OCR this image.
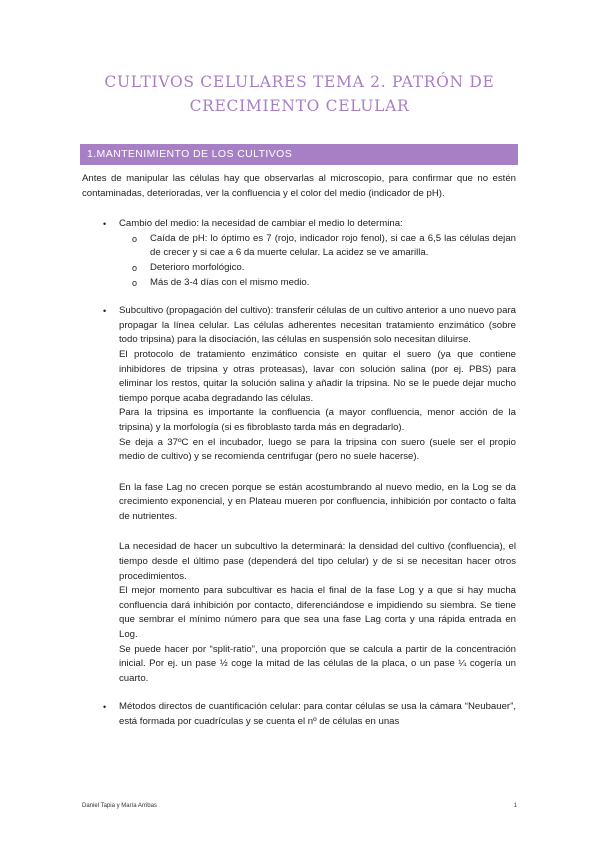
CULTIVOS CELULARES TEMA 2. PATRÓN DE
CRECIMIENTO CELULAR
1.MANTENIMIENTO DE LOS CULTIVOS

Antes de manipular las células hay que observarlas al microscopio, para confirmar que no estén contaminadas, deterioradas, ver la confluencia y el color del medio (indicador de pH).

• Cambio del medio: la necesidad de cambiar el medio lo determina:
o Caída de pH: lo óptimo es 7 (rojo, indicador rojo fenol), si cae a 6,5 las células dejan de crecer y si cae a 6 da muerte celular. La acidez se ve amarilla.
o Deterioro morfológico.
o Más de 3-4 días con el mismo medio.
• Subcultivo (propagación del cultivo): transferir células de un cultivo anterior a uno nuevo para propagar la línea celular. Las células adherentes necesitan tratamiento enzimático (sobre todo tripsina) para la disociación, las células en suspensión solo necesitan diluirse.
El protocolo de tratamiento enzimático consiste en quitar el suero (ya que contiene inhibidores de tripsina y otras proteasas), lavar con solución salina (por ej. PBS) para eliminar los restos, quitar la solución salina y añadir la tripsina. No se le puede dejar mucho tiempo porque acaba degradando las células.
Para la tripsina es importante la confluencia (a mayor confluencia, menor acción de la tripsina) y la morfología (si es fibroblasto tarda más en degradarlo).
Se deja a 37ºC en el incubador, luego se para la tripsina con suero (suele ser el propio medio de cultivo) y se recomienda centrifugar (pero no suele hacerse).
En la fase Lag no crecen porque se están acostumbrando al nuevo medio, en la Log se da crecimiento exponencial, y en Plateau mueren por confluencia, inhibición por contacto o falta de nutrientes.
La necesidad de hacer un subcultivo la determinará: la densidad del cultivo (confluencia), el tiempo desde el último pase (dependerá del tipo celular) y de si se necesitan hacer otros procedimientos.
El mejor momento para subcultivar es hacia el final de la fase Log y a que si hay mucha confluencia dará inhibición por contacto, diferenciándose e impidiendo su siembra. Se tiene que sembrar el mínimo número para que sea una fase Lag corta y una rápida entrada en Log.
Se puede hacer por “split-ratio”, una proporción que se calcula a partir de la concentración inicial. Por ej. un pase ½ coge la mitad de las células de la placa, o un pase ¼ cogería un cuarto.
• Métodos directos de cuantificación celular: para contar células se usa la cámara “Neubauer”, está formada por cuadrículas y se cuenta el nº de células en unas
Daniel Tapia y María Arribas	1
